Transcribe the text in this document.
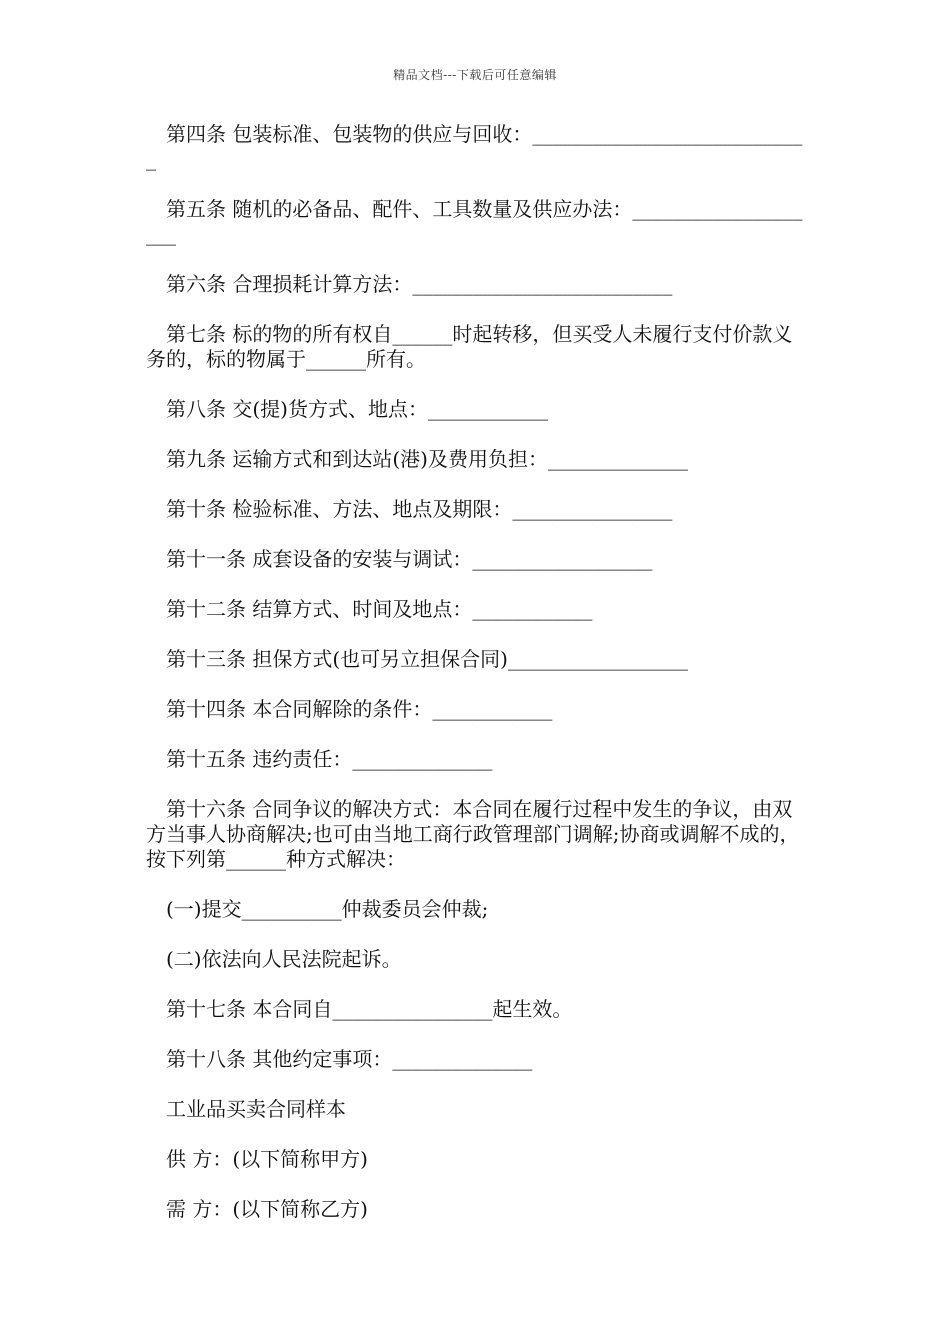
精品文档---下载后可任意编辑

第四条 包装标准、包装物的供应与回收：____________________________

第五条 随机的必备品、配件、工具数量及供应办法：____________________

第六条 合理损耗计算方法：__________________________

第七条 标的物的所有权自______时起转移，但买受人未履行支付价款义务的，标的物属于______所有。

第八条 交(提)货方式、地点：____________

第九条 运输方式和到达站(港)及费用负担：______________

第十条 检验标准、方法、地点及期限：________________

第十一条 成套设备的安装与调试：__________________

第十二条 结算方式、时间及地点：____________

第十三条 担保方式(也可另立担保合同)__________________

第十四条 本合同解除的条件：____________

第十五条 违约责任：______________

第十六条 合同争议的解决方式：本合同在履行过程中发生的争议，由双方当事人协商解决;也可由当地工商行政管理部门调解;协商或调解不成的，按下列第______种方式解决：

(一)提交__________仲裁委员会仲裁;

(二)依法向人民法院起诉。

第十七条 本合同自________________起生效。

第十八条 其他约定事项：______________

工业品买卖合同样本

供 方：(以下简称甲方)

需 方：(以下简称乙方)
